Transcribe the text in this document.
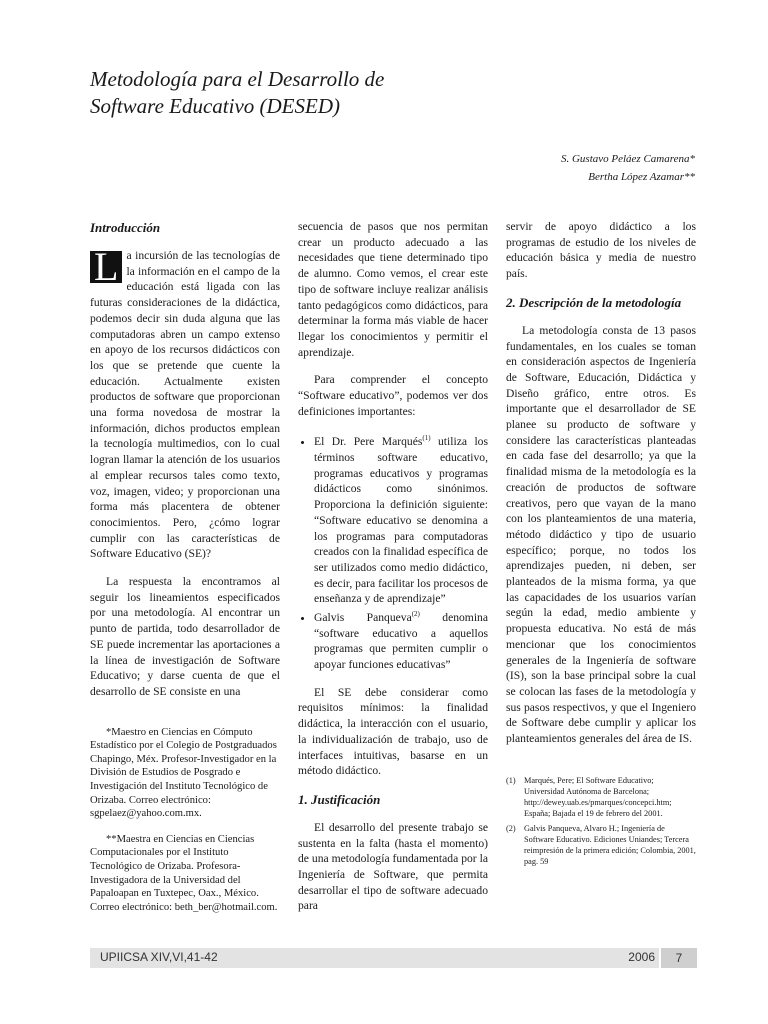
Metodología para el Desarrollo de
Software Educativo (DESED)
S. Gustavo Peláez Camarena*
Bertha López Azamar**
Introducción

L a incursión de las tecnologías de la información en el campo de la educación está ligada con las futuras consideraciones de la didáctica, podemos decir sin duda alguna que las computadoras abren un campo extenso en apoyo de los recursos didácticos con los que se pretende que cuente la educación. Actualmente existen productos de software que proporcionan una forma novedosa de mostrar la información, dichos productos emplean la tecnología multimedios, con lo cual logran llamar la atención de los usuarios al emplear recursos tales como texto, voz, imagen, video; y proporcionan una forma más placentera de obtener conocimientos. Pero, ¿cómo lograr cumplir con las características de Software Educativo (SE)?

La respuesta la encontramos al seguir los lineamientos especificados por una metodología. Al encontrar un punto de partida, todo desarrollador de SE puede incrementar las aportaciones a la línea de investigación de Software Educativo; y darse cuenta de que el desarrollo de SE consiste en una

*Maestro en Ciencias en Cómputo Estadístico por el Colegio de Postgraduados Chapingo, Méx. Profesor-Investigador en la División de Estudios de Posgrado e Investigación del Instituto Tecnológico de Orizaba. Correo electrónico: sgpelaez@yahoo.com.mx.

**Maestra en Ciencias en Ciencias Computacionales por el Instituto Tecnológico de Orizaba. Profesora-Investigadora de la Universidad del Papaloapan en Tuxtepec, Oax., México. Correo electrónico: beth_ber@hotmail.com.

secuencia de pasos que nos permitan crear un producto adecuado a las necesidades que tiene determinado tipo de alumno. Como vemos, el crear este tipo de software incluye realizar análisis tanto pedagógicos como didácticos, para determinar la forma más viable de hacer llegar los conocimientos y permitir el aprendizaje.

Para comprender el concepto “Software educativo”, podemos ver dos definiciones importantes:

• El Dr. Pere Marqués$^{(1)}$ utiliza los términos software educativo, programas educativos y programas didácticos como sinónimos. Proporciona la definición siguiente: “Software educativo se denomina a los programas para computadoras creados con la finalidad específica de ser utilizados como medio didáctico, es decir, para facilitar los procesos de enseñanza y de aprendizaje”
• Galvis Panqueva$^{(2)}$ denomina “software educativo a aquellos programas que permiten cumplir o apoyar funciones educativas”

El SE debe considerar como requisitos mínimos: la finalidad didáctica, la interacción con el usuario, la individualización de trabajo, uso de interfaces intuitivas, basarse en un método didáctico.

1. Justificación

El desarrollo del presente trabajo se sustenta en la falta (hasta el momento) de una metodología fundamentada por la Ingeniería de Software, que permita desarrollar el tipo de software adecuado para

servir de apoyo didáctico a los programas de estudio de los niveles de educación básica y media de nuestro país.

2. Descripción de la metodología

La metodología consta de 13 pasos fundamentales, en los cuales se toman en consideración aspectos de Ingeniería de Software, Educación, Didáctica y Diseño gráfico, entre otros. Es importante que el desarrollador de SE planee su producto de software y considere las características planteadas en cada fase del desarrollo; ya que la finalidad misma de la metodología es la creación de productos de software creativos, pero que vayan de la mano con los planteamientos de una materia, método didáctico y tipo de usuario específico; porque, no todos los aprendizajes pueden, ni deben, ser planteados de la misma forma, ya que las capacidades de los usuarios varían según la edad, medio ambiente y propuesta educativa. No está de más mencionar que los conocimientos generales de la Ingeniería de software (IS), son la base principal sobre la cual se colocan las fases de la metodología y sus pasos respectivos, y que el Ingeniero de Software debe cumplir y aplicar los planteamientos generales del área de IS.

(1)	Marqués, Pere; El Software Educativo; Universidad Autónoma de Barcelona; http://dewey.uab.es/pmarques/concepci.htm; España; Bajada el 19 de febrero del 2001.
(2)	Galvis Panqueva, Alvaro H.; Ingeniería de Software Educativo. Ediciones Uniandes; Tercera reimpresión de la primera edición; Colombia, 2001, pag. 59
UPIICSA XIV,VI,41-42	2006	7
